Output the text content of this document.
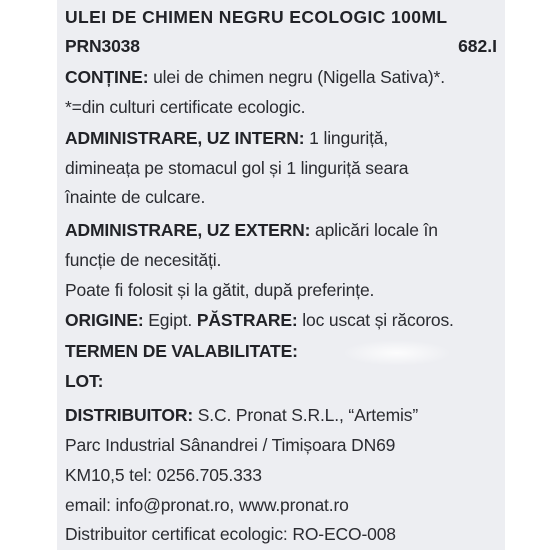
ULEI DE CHIMEN NEGRU ECOLOGIC 100ML
PRN3038	682.I
CONȚINE: ulei de chimen negru (Nigella Sativa)*.
*=din culturi certificate ecologic.
ADMINISTRARE, UZ INTERN: 1 linguriță,
dimineața pe stomacul gol și 1 linguriță seara
înainte de culcare.
ADMINISTRARE, UZ EXTERN: aplicări locale în
funcție de necesități.
Poate fi folosit și la gătit, după preferințe.
ORIGINE: Egipt. PĂSTRARE: loc uscat și răcoros.
TERMEN DE VALABILITATE:
LOT:
DISTRIBUITOR: S.C. Pronat S.R.L., “Artemis”
Parc Industrial Sânandrei / Timișoara DN69
KM10,5 tel: 0256.705.333
email: info@pronat.ro, www.pronat.ro
Distribuitor certificat ecologic: RO-ECO-008
